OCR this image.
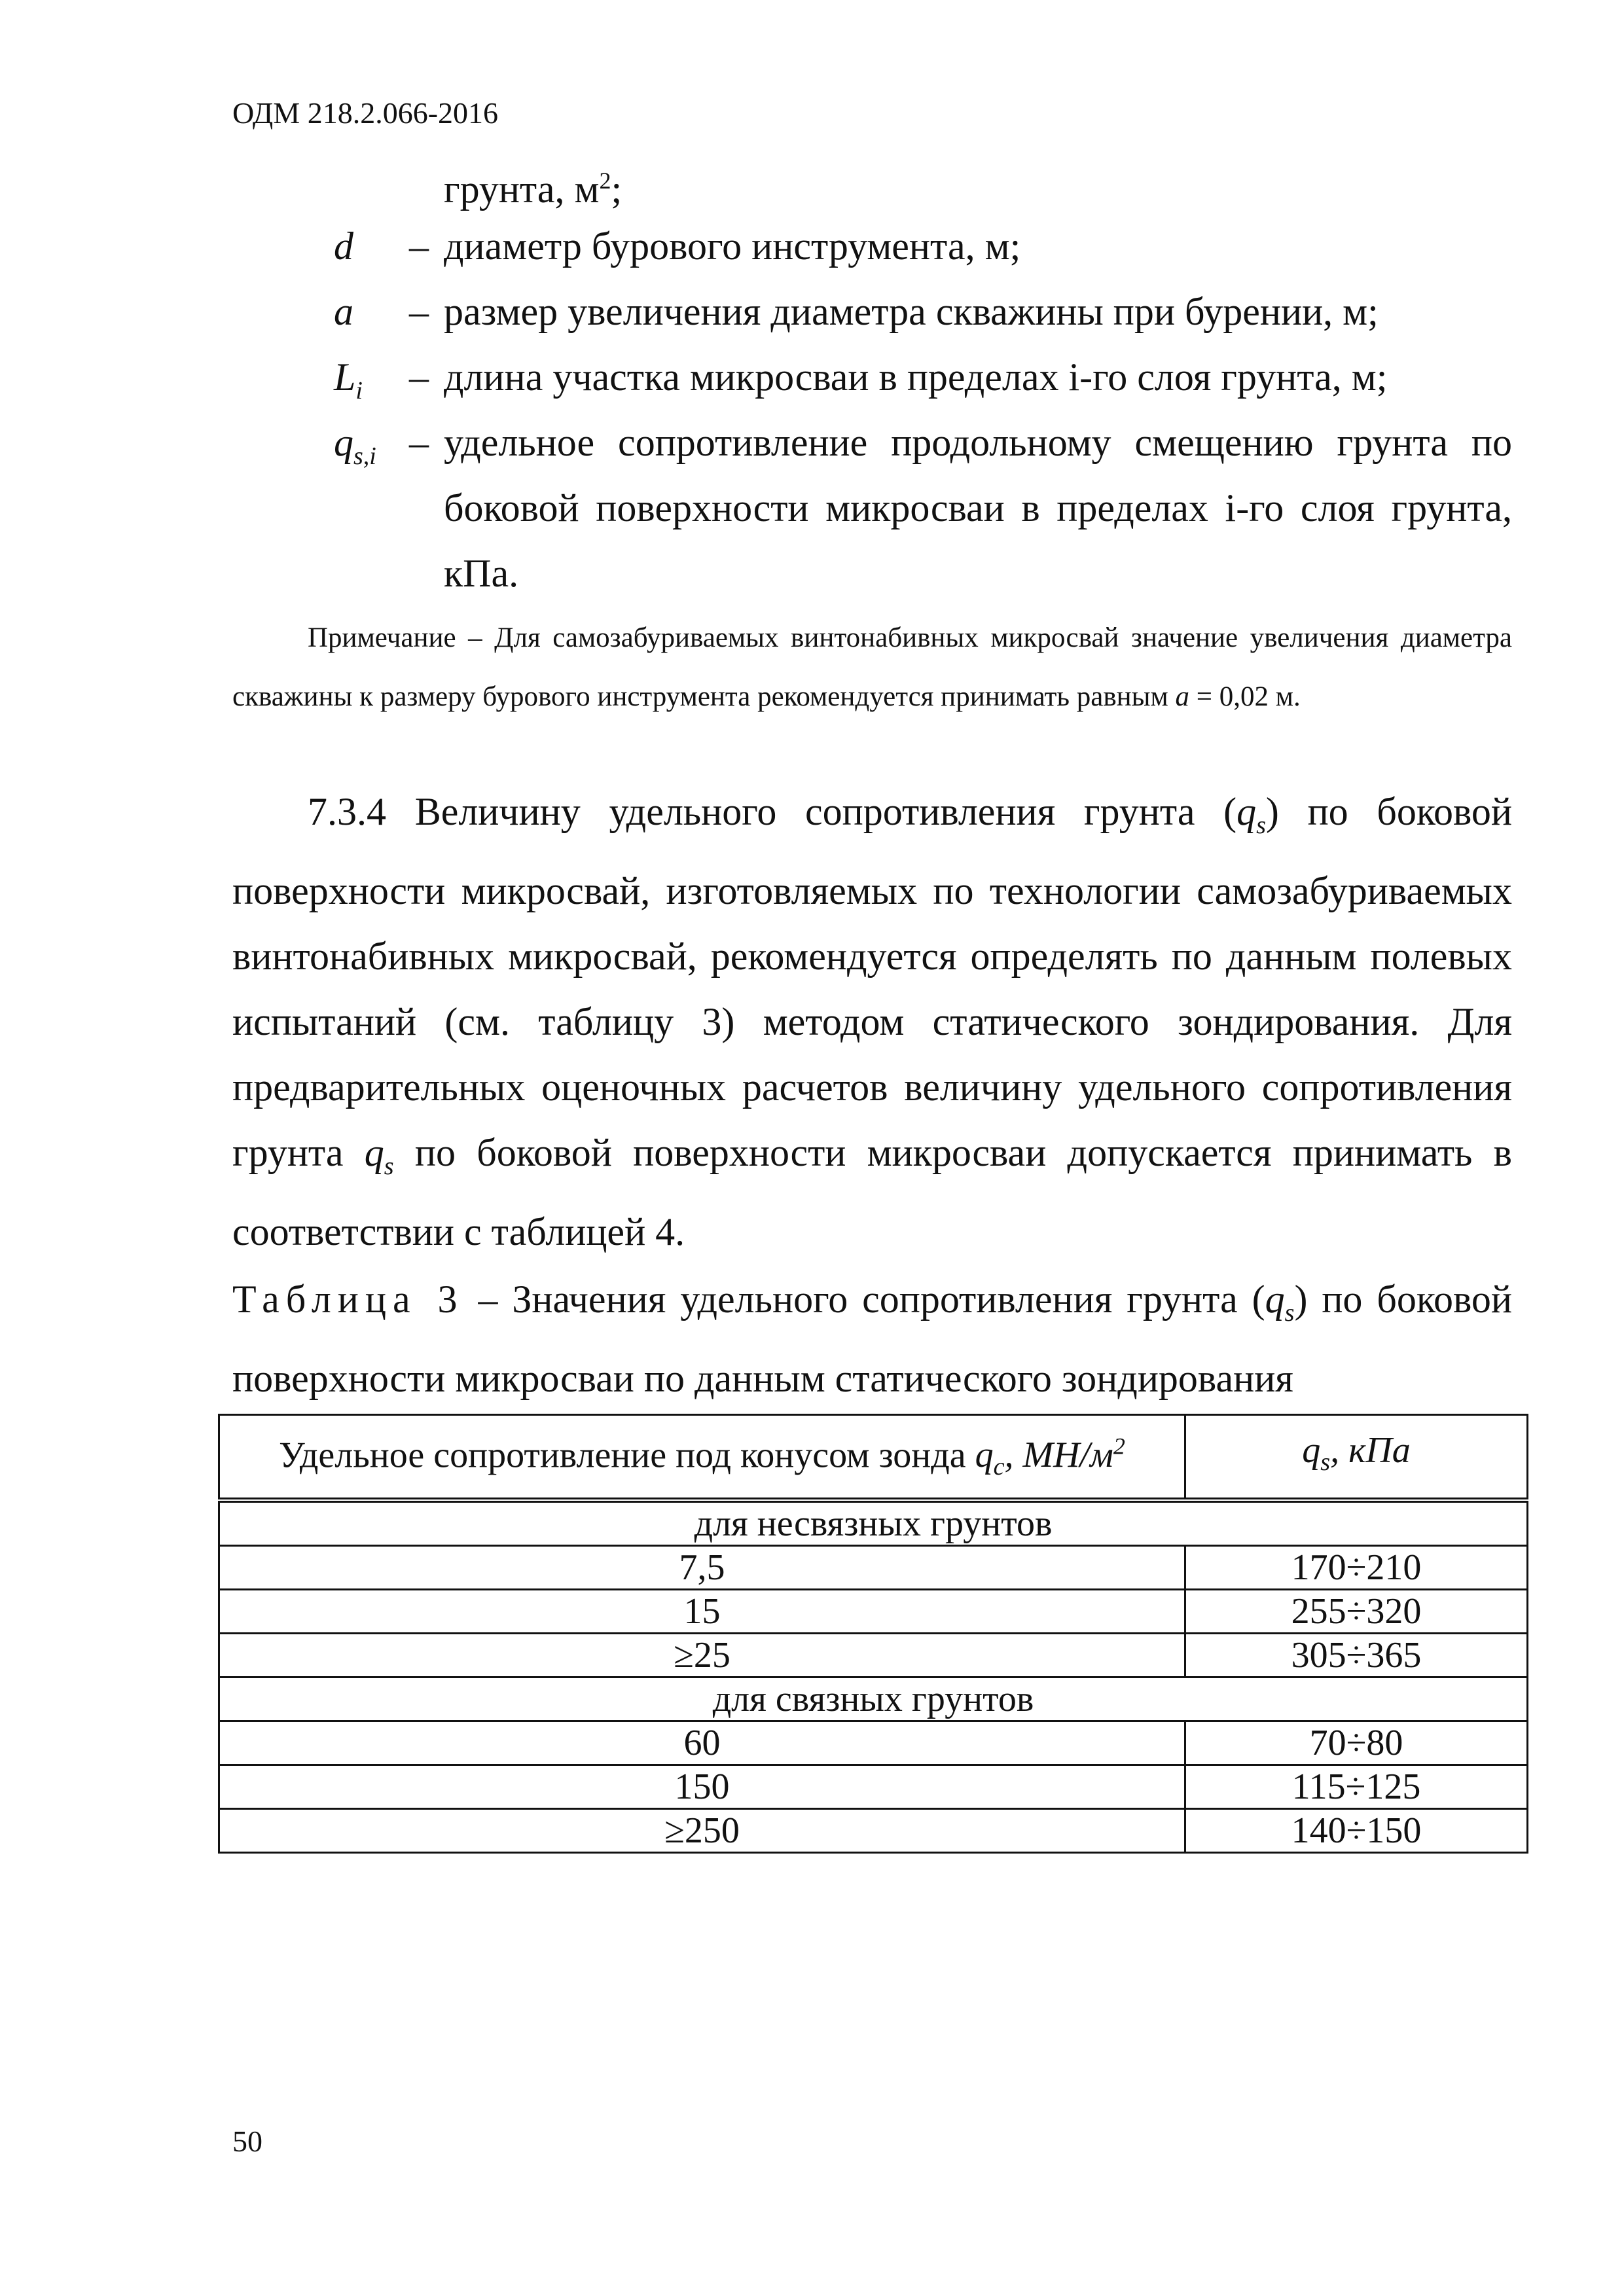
ОДМ 218.2.066-2016
грунта, $м^2$;
d – диаметр бурового инструмента, м;
a – размер увеличения диаметра скважины при бурении, м;
$L_i$ – длина участка микросваи в пределах i-го слоя грунта, м;
$q_{s,i}$ – удельное сопротивление продольному смещению грунта по
боковой поверхности микросваи в пределах i-го слоя грунта,
кПа.
Примечание – Для самозабуриваемых винтонабивных микросвай значение увеличения диаметра скважины к размеру бурового инструмента рекомендуется принимать равным a = 0,02 м.
7.3.4 Величину удельного сопротивления грунта $(q_s)$ по боковой поверхности микросвай, изготовляемых по технологии самозабуриваемых винтонабивных микросвай, рекомендуется определять по данным полевых испытаний (см. таблицу 3) методом статического зондирования. Для предварительных оценочных расчетов величину удельного сопротивления грунта $q_s$ по боковой поверхности микросваи допускается принимать в соответствии с таблицей 4.
Таблица 3 – Значения удельного сопротивления грунта $(q_s)$ по боковой поверхности микросваи по данным статического зондирования
Удельное сопротивление под конусом зонда $q_c$, $МН/м^2$	$q_s$, кПа
для несвязных грунтов	
7,5	170÷210
15	255÷320
≥25	305÷365
для связных грунтов	
60	70÷80
150	115÷125
≥250	140÷150
50
